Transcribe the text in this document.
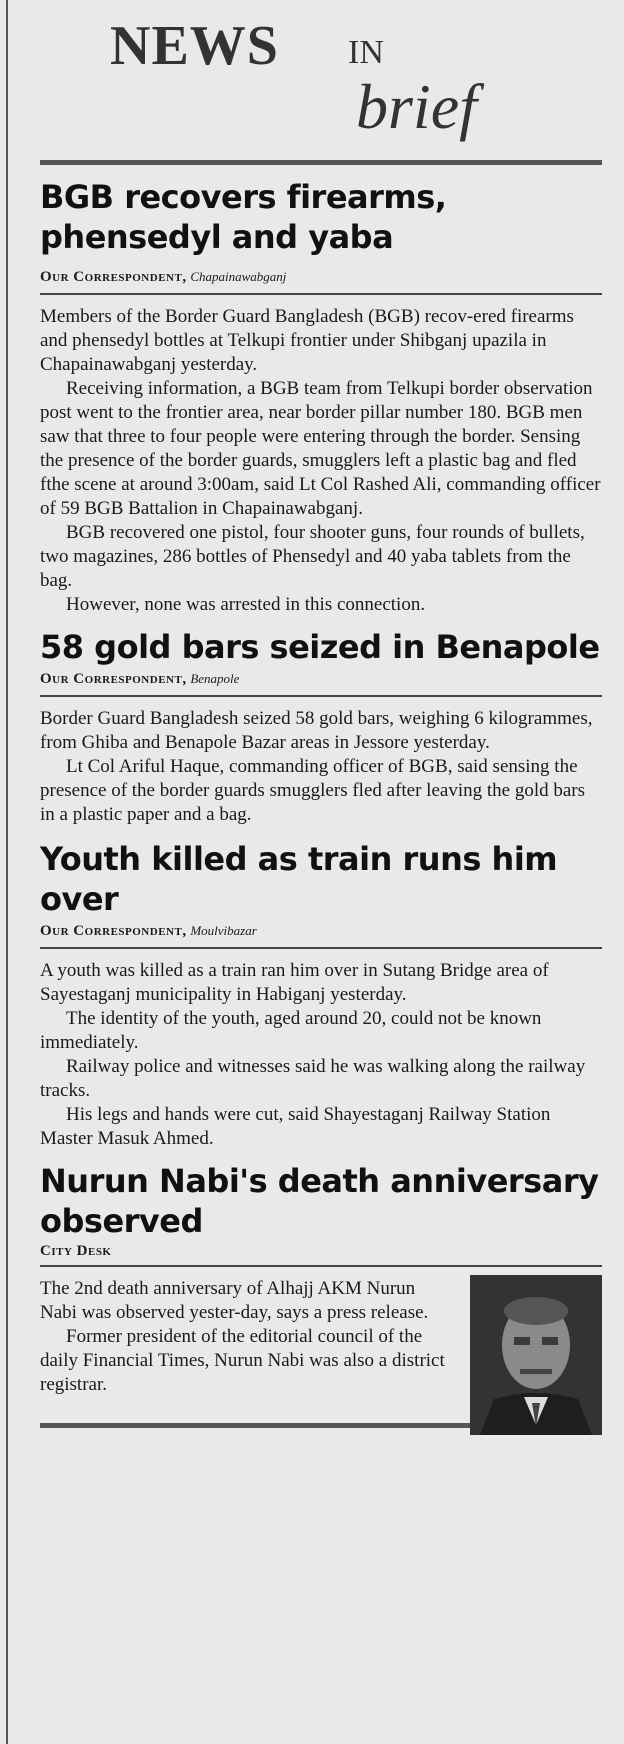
NEWS IN
brief
BGB recovers firearms, phensedyl and yaba

Our Correspondent, Chapainawabganj

Members of the Border Guard Bangladesh (BGB) recov-ered firearms and phensedyl bottles at Telkupi frontier under Shibganj upazila in Chapainawabganj yesterday.

Receiving information, a BGB team from Telkupi border observation post went to the frontier area, near border pillar number 180. BGB men saw that three to four people were entering through the border. Sensing the presence of the border guards, smugglers left a plastic bag and fled fthe scene at around 3:00am, said Lt Col Rashed Ali, commanding officer of 59 BGB Battalion in Chapainawabganj.

BGB recovered one pistol, four shooter guns, four rounds of bullets, two magazines, 286 bottles of Phensedyl and 40 yaba tablets from the bag.

However, none was arrested in this connection.

58 gold bars seized in Benapole

Our Correspondent, Benapole

Border Guard Bangladesh seized 58 gold bars, weighing 6 kilogrammes, from Ghiba and Benapole Bazar areas in Jessore yesterday.

Lt Col Ariful Haque, commanding officer of BGB, said sensing the presence of the border guards smugglers fled after leaving the gold bars in a plastic paper and a bag.

Youth killed as train runs him over

Our Correspondent, Moulvibazar

A youth was killed as a train ran him over in Sutang Bridge area of Sayestaganj municipality in Habiganj yesterday.

The identity of the youth, aged around 20, could not be known immediately.

Railway police and witnesses said he was walking along the railway tracks.

His legs and hands were cut, said Shayestaganj Railway Station Master Masuk Ahmed.

Nurun Nabi's death anniversary observed

City Desk

The 2nd death anniversary of Alhajj AKM Nurun Nabi was observed yester-day, says a press release.

Former president of the editorial council of the daily Financial Times, Nurun Nabi was also a district registrar.
